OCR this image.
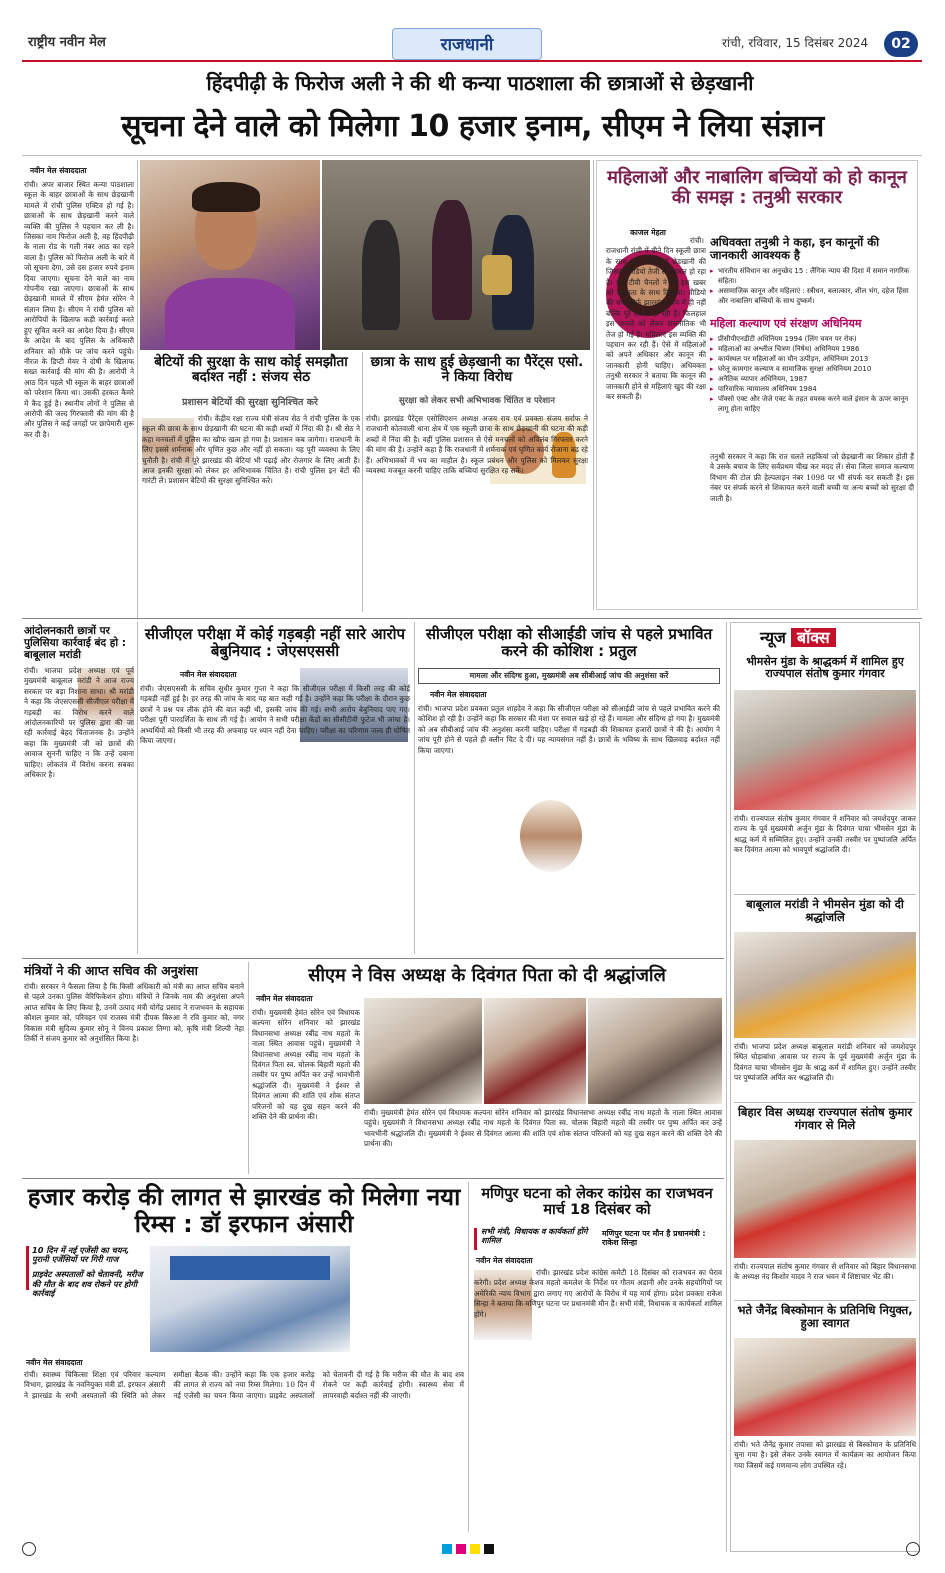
राष्ट्रीय नवीन मेल	राजधानी	रांची, रविवार, 15 दिसंबर 2024	02
हिंदपीढ़ी के फिरोज अली ने की थी कन्या पाठशाला की छात्राओं से छेड़खानी
सूचना देने वाले को मिलेगा 10 हजार इनाम, सीएम ने लिया संज्ञान
नवीन मेल संवाददाता
रांची। अपर बाजार स्थित कन्या पाठशाला स्कूल के बाहर छात्राओं के साथ छेड़खानी मामले में रांची पुलिस एक्टिव हो गई है। छात्राओं के साथ छेड़खानी करने वाले व्यक्ति की पुलिस ने पहचान कर ली है। जिसका नाम फिरोज अली है, वह हिंदपीढ़ी के नाला रोड के गली नंबर आठ का रहने वाला है। पुलिस को फिरोज अली के बारे में जो सूचना देगा, उसे दस हजार रुपये इनाम दिया जाएगा। सूचना देने वाले का नाम गोपनीय रखा जाएगा। छात्राओं के साथ छेड़खानी मामले में सीएम हेमंत सोरेन ने संज्ञान लिया है। सीएम ने रांची पुलिस को आरोपियों के खिलाफ कड़ी कार्रवाई करते हुए सूचित करने का आदेश दिया है। सीएम के आदेश के बाद पुलिस के अधिकारी शनिवार को मौके पर जांच करने पहुंचे। नीरज के डिप्टी मेयर ने दोषी के खिलाफ सख्त कार्रवाई की मांग की है। आरोपी ने आठ दिन पहले भी स्कूल के बाहर छात्राओं को परेशान किया था। उसकी हरकत कैमरे में कैद हुई है। स्थानीय लोगों ने पुलिस से आरोपी की जल्द गिरफ्तारी की मांग की है और पुलिस ने कई जगहों पर छापेमारी शुरू कर दी है।
बेटियों की सुरक्षा के साथ कोई समझौता बर्दाश्त नहीं : संजय सेठ
प्रशासन बेटियों की सुरक्षा सुनिश्चित करे
रांची। केंद्रीय रक्षा राज्य मंत्री संजय सेठ ने रांची पुलिस के एक स्कूल की छात्रा के साथ छेड़खानी की घटना की कड़ी शब्दों में निंदा की है। श्री सेठ ने कहा मनचलों में पुलिस का खौफ खत्म हो गया है। प्रशासन कब जागेगा। राजधानी के लिए इससे शर्मनाक और घृणित कुछ और नहीं हो सकता। यह पूरी व्यवस्था के लिए चुनौती है। रांची में पूरे झारखंड की बेटियां भी पढ़ाई और रोजगार के लिए आती हैं। आज इनकी सुरक्षा को लेकर हर अभिभावक चिंतित है। रांची पुलिस इन बेटों की गारंटी ले। प्रशासन बेटियों की सुरक्षा सुनिश्चित करे।
छात्रा के साथ हुई छेड़खानी का पैरेंट्स एसो. ने किया विरोध
सुरक्षा को लेकर सभी अभिभावक चिंतित व परेशान
रांची। झारखंड पैरेंट्स एसोसिएशन अध्यक्ष अजय राय एवं प्रवक्ता संजय सर्राफ ने राजधानी कोतवाली थाना क्षेत्र में एक स्कूली छात्रा के साथ छेड़खानी की घटना की कड़ी शब्दों में निंदा की है। वहीं पुलिस प्रशासन से ऐसे मनचलों को अविलंब गिरफ्तार करने की मांग की है। उन्होंने कहा है कि राजधानी में शर्मनाक एवं घृणित कार्य रोजाना बढ़ रहे हैं। अभिभावकों में भय का माहौल है। स्कूल प्रबंधन और पुलिस को मिलकर सुरक्षा व्यवस्था मजबूत करनी चाहिए ताकि बच्चियां सुरक्षित रह सकें।
महिलाओं और नाबालिग बच्चियों को हो कानून की समझ : तनुश्री सरकार
काजल मेहता
रांची। राजधानी रांची में बीते दिन स्कूली छात्रा के साथ एक व्यक्ति ने छेड़खानी की जिसका वीडियो तेजी से वायरल हो रहा है। कई टीवी चैनलों ने भी इस खबर को प्रमुखता के साथ दिखाया। वीडियो की चर्चा सिर्फ झारखंड राज्य में ही नहीं बल्कि पूरे देश में हो रही है। फिलहाल इस मामले को लेकर राजनीतिक भी तेज हो गई है। महिलाएं इस व्यक्ति की पहचान कर रही हैं। ऐसे में महिलाओं को अपने अधिकार और कानून की जानकारी होनी चाहिए। अधिवक्ता तनुश्री सरकार ने बताया कि कानून की जानकारी होने से महिलाएं खुद की रक्षा कर सकती हैं।
अधिवक्ता तनुश्री ने कहा, इन कानूनों की जानकारी आवश्यक है
▸ भारतीय संविधान का अनुच्छेद 15 : लैंगिक न्याय की दिशा में समान नागरिक संहिता।
▸ असामाजिक कानून और महिलाएं : स्त्रीधन, बलात्कार, शील भंग, दहेज हिंसा और नाबालिग बच्चियों के साथ दुष्कर्म।
महिला कल्याण एवं संरक्षण अधिनियम
▸ प्रीसीपीएनडीटी अधिनियम 1994 (लिंग चयन पर रोक)
▸ महिलाओं का अश्लील चित्रण (निषेध) अधिनियम 1986
▸ कार्यस्थल पर महिलाओं का यौन उत्पीड़न, अधिनियम 2013
▸ घरेलू कामगार कल्याण व सामाजिक सुरक्षा अधिनियम 2010
▸ अनैतिक व्यापार अधिनियम, 1987
▸ पारिवारिक न्यायालय अधिनियम 1984
▸ पॉक्सो एक्ट और जेजे एक्ट के तहत वयस्क करने वाले इंसान के ऊपर कानून लागू होता चाहिए
तनुश्री सरकार ने कहा कि रात चलते लड़कियां जो छेड़खानी का शिकार होती हैं वे उसके बचाव के लिए सर्वप्रथम चीख कर मदद लें। सेवा जिला समाज कल्याण विभाग की टोल फ्री हेल्पलाइन नंबर 1098 पर भी संपर्क कर सकती हैं। इस नंबर पर संपर्क करने से शिकायत करने वाली बच्ची या अन्य बच्चों को सुरक्षा दी जाती है।
आंदोलनकारी छात्रों पर पुलिसिया कार्रवाई बंद हो : बाबूलाल मरांडी
रांची। भाजपा प्रदेश अध्यक्ष एवं पूर्व मुख्यमंत्री बाबूलाल मरांडी ने आज राज्य सरकार पर बड़ा निशाना साधा। श्री मरांडी ने कहा कि जेएसएससी सीजीएल परीक्षा में गड़बड़ी का विरोध करने वाले आंदोलनकारियों पर पुलिस द्वारा की जा रही कार्रवाई बेहद चिंताजनक है। उन्होंने कहा कि मुख्यमंत्री जी को छात्रों की आवाज सुननी चाहिए न कि उन्हें दबाना चाहिए। लोकतंत्र में विरोध करना सबका अधिकार है।
सीजीएल परीक्षा में कोई गड़बड़ी नहीं सारे आरोप बेबुनियाद : जेएसएससी
नवीन मेल संवाददाता
रांची। जेएसएससी के सचिव सुधीर कुमार गुप्ता ने कहा कि सीजीएल परीक्षा में किसी तरह की कोई गड़बड़ी नहीं हुई है। हर तरह की जांच के बाद यह बात कही गई है। उन्होंने कहा कि परीक्षा के दौरान कुछ छात्रों ने प्रश्न पत्र लीक होने की बात कही थी, इसकी जांच की गई। सभी आरोप बेबुनियाद पाए गए। परीक्षा पूरी पारदर्शिता के साथ ली गई है। आयोग ने सभी परीक्षा केंद्रों का सीसीटीवी फुटेज भी जांचा है। अभ्यर्थियों को किसी भी तरह की अफवाह पर ध्यान नहीं देना चाहिए। परीक्षा का परिणाम जल्द ही घोषित किया जाएगा।
सीजीएल परीक्षा को सीआईडी जांच से पहले प्रभावित करने की कोशिश : प्रतुल
मामला और संदिग्ध हुआ, मुख्यमंत्री अब सीबीआई जांच की अनुशंसा करें
नवीन मेल संवाददाता
रांची। भाजपा प्रदेश प्रवक्ता प्रतुल शाहदेव ने कहा कि सीजीएल परीक्षा को सीआईडी जांच से पहले प्रभावित करने की कोशिश हो रही है। उन्होंने कहा कि सरकार की मंशा पर सवाल खड़े हो रहे हैं। मामला और संदिग्ध हो गया है। मुख्यमंत्री को अब सीबीआई जांच की अनुशंसा करनी चाहिए। परीक्षा में गड़बड़ी की शिकायत हजारों छात्रों ने की है। आयोग ने जांच पूरी होने से पहले ही क्लीन चिट दे दी। यह न्यायसंगत नहीं है। छात्रों के भविष्य के साथ खिलवाड़ बर्दाश्त नहीं किया जाएगा।
मंत्रियों ने की आप्त सचिव की अनुशंसा
रांची। सरकार ने फैसला लिया है कि किसी अधिकारी को मंत्री का आप्त सचिव बनाने से पहले उनका पुलिस वेरिफिकेशन होगा। मंत्रियों ने जिनके नाम की अनुशंसा अपने आप्त सचिव के लिए किया है, उनमें उत्पाद मंत्री योगेंद्र प्रसाद ने राजभवन के सहायक कौशल कुमार को, परिवहन एवं राजस्व मंत्री दीपक बिरुआ ने रवि कुमार को, नगर विकास मंत्री सुदिव्य कुमार सोनू ने विनय प्रकाश तिग्गा को, कृषि मंत्री शिल्पी नेहा तिर्की ने संजय कुमार को अनुशंसित किया है।
सीएम ने विस अध्यक्ष के दिवंगत पिता को दी श्रद्धांजलि
नवीन मेल संवाददाता
रांची। मुख्यमंत्री हेमंत सोरेन एवं विधायक कल्पना सोरेन शनिवार को झारखंड विधानसभा अध्यक्ष रबींद्र नाथ महतो के नाला स्थित आवास पहुंचे। मुख्यमंत्री ने विधानसभा अध्यक्ष रबींद्र नाथ महतो के दिवंगत पिता स्व. चोलक बिहारी महतो की तस्वीर पर पुष्प अर्पित कर उन्हें भावभीनी श्रद्धांजलि दी। मुख्यमंत्री ने ईश्वर से दिवंगत आत्मा की शांति एवं शोक संतप्त परिजनों को यह दुख सहन करने की शक्ति देने की प्रार्थना की।	रांची। मुख्यमंत्री हेमंत सोरेन एवं विधायक कल्पना सोरेन शनिवार को झारखंड विधानसभा अध्यक्ष रबींद्र नाथ महतो के नाला स्थित आवास पहुंचे। मुख्यमंत्री ने विधानसभा अध्यक्ष रबींद्र नाथ महतो के दिवंगत पिता स्व. चोलक बिहारी महतो की तस्वीर पर पुष्प अर्पित कर उन्हें भावभीनी श्रद्धांजलि दी। मुख्यमंत्री ने ईश्वर से दिवंगत आत्मा की शांति एवं शोक संतप्त परिजनों को यह दुख सहन करने की शक्ति देने की प्रार्थना की।
हजार करोड़ की लागत से झारखंड को मिलेगा नया रिम्स : डॉ इरफान अंसारी
10 दिन में नई एजेंसी का चयन, पुरानी एजेंसियों पर गिरी गाज
प्राइवेट अस्पतालों को चेतावनी, मरीज की मौत के बाद शव रोकने पर होगी कार्रवाई
नवीन मेल संवाददाता
रांची। स्वास्थ्य चिकित्सा शिक्षा एवं परिवार कल्याण विभाग, झारखंड के नवनियुक्त मंत्री डॉ. इरफान अंसारी ने झारखंड के सभी अस्पतालों की स्थिति को लेकर समीक्षा बैठक की। उन्होंने कहा कि एक हजार करोड़ की लागत से राज्य को नया रिम्स मिलेगा। 10 दिन में नई एजेंसी का चयन किया जाएगा। प्राइवेट अस्पतालों को चेतावनी दी गई है कि मरीज की मौत के बाद शव रोकने पर कड़ी कार्रवाई होगी। स्वास्थ्य सेवा में लापरवाही बर्दाश्त नहीं की जाएगी।
मणिपुर घटना को लेकर कांग्रेस का राजभवन मार्च 18 दिसंबर को
सभी मंत्री, विधायक व कार्यकर्ता होंगे शामिल
मणिपुर घटना पर मौन है प्रधानमंत्री : राकेश सिन्हा
नवीन मेल संवाददाता
रांची। झारखंड प्रदेश कांग्रेस कमेटी 18 दिसंबर को राजभवन का घेराव करेगी। प्रदेश अध्यक्ष केशव महतो कमलेश के निर्देश पर गौतम अडानी और उनके सहयोगियों पर अमेरिकी न्याय विभाग द्वारा लगाए गए आरोपों के विरोध में यह मार्च होगा। प्रदेश प्रवक्ता राकेश सिन्हा ने बताया कि मणिपुर घटना पर प्रधानमंत्री मौन हैं। सभी मंत्री, विधायक व कार्यकर्ता शामिल होंगे।
न्यूज बॉक्स
भीमसेन मुंडा के श्राद्धकर्म में शामिल हुए राज्यपाल संतोष कुमार गंगवार
रांची। राज्यपाल संतोष कुमार गंगवार ने शनिवार को जमशेदपुर जाकर राज्य के पूर्व मुख्यमंत्री अर्जुन मुंडा के दिवंगत चाचा भीमसेन मुंडा के श्राद्ध कर्म में सम्मिलित हुए। उन्होंने उनकी तस्वीर पर पुष्पांजलि अर्पित कर दिवंगत आत्मा को भावपूर्ण श्रद्धांजलि दी।
बाबूलाल मरांडी ने भीमसेन मुंडा को दी श्रद्धांजलि
रांची। भाजपा प्रदेश अध्यक्ष बाबूलाल मरांडी शनिवार को जमशेदपुर स्थित घोड़ाबांधा आवास पर राज्य के पूर्व मुख्यमंत्री अर्जुन मुंडा के दिवंगत चाचा भीमसेन मुंडा के श्राद्ध कर्म में शामिल हुए। उन्होंने तस्वीर पर पुष्पांजलि अर्पित कर श्रद्धांजलि दी।
बिहार विस अध्यक्ष राज्यपाल संतोष कुमार गंगवार से मिले
रांची। राज्यपाल संतोष कुमार गंगवार से शनिवार को बिहार विधानसभा के अध्यक्ष नंद किशोर यादव ने राज भवन में शिष्टाचार भेंट की।
भते जैनेंद्र बिस्कोमान के प्रतिनिधि नियुक्त, हुआ स्वागत
रांची। भते जैनेंद्र कुमार तपासा को झारखंड से बिस्कोमान के प्रतिनिधि चुना गया है। इसे लेकर उनके स्वागत में कार्यक्रम का आयोजन किया गया जिसमें कई गणमान्य लोग उपस्थित रहे।
